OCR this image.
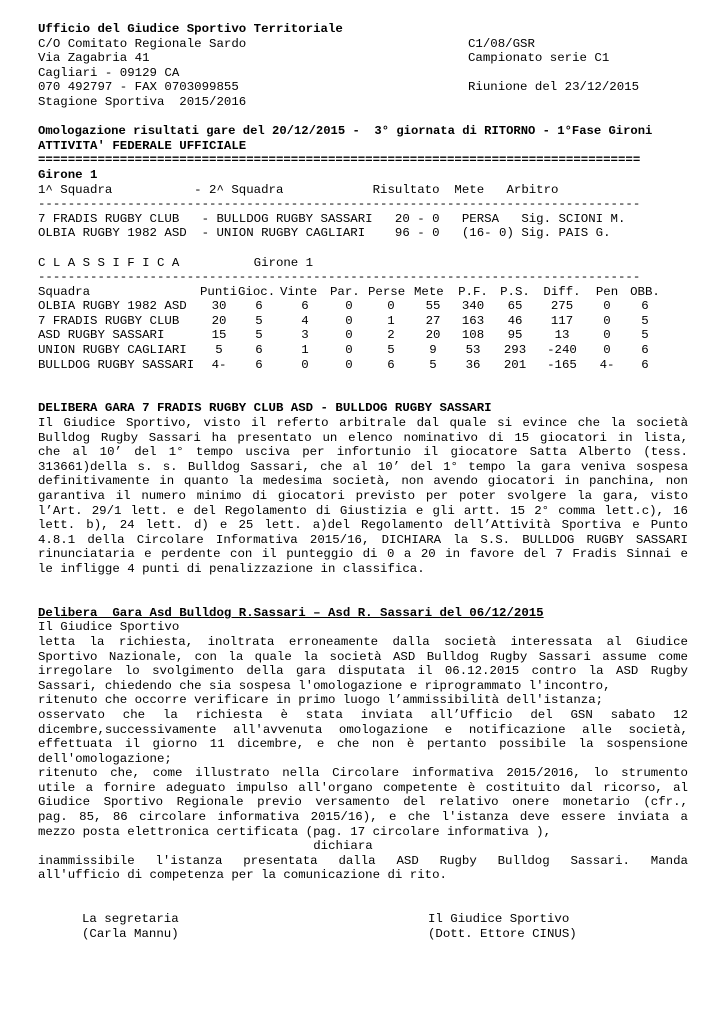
Ufficio del Giudice Sportivo Territoriale
C/O Comitato Regionale Sardo
Via Zagabria 41
Cagliari - 09129 CA
070 492797 - FAX 0703099855
Stagione Sportiva  2015/2016
C1/08/GSR
Campionato serie C1
Riunione del 23/12/2015
Omologazione risultati gare del 20/12/2015 -  3° giornata di RITORNO - 1°Fase Gironi
ATTIVITA' FEDERALE UFFICIALE
=================================================================================
Girone 1
1^ Squadra           - 2^ Squadra            Risultato  Mete   Arbitro
---------------------------------------------------------------------------------
7 FRADIS RUGBY CLUB   - BULLDOG RUGBY SASSARI   20 - 0   PERSA   Sig. SCIONI M.
OLBIA RUGBY 1982 ASD  - UNION RUGBY CAGLIARI    96 - 0   (16- 0) Sig. PAIS G.
C L A S S I F I C A          Girone 1
---------------------------------------------------------------------------------
Squadra	Punti	Gioc.	Vinte	Par.	Perse	Mete	P.F.	P.S.	Diff.	Pen	OBB.
OLBIA RUGBY 1982 ASD	30	6	6	0	0	55	340	65	275	0	6
7 FRADIS RUGBY CLUB	20	5	4	0	1	27	163	46	117	0	5
ASD RUGBY SASSARI	15	5	3	0	2	20	108	95	13	0	5
UNION RUGBY CAGLIARI	5	6	1	0	5	9	53	293	-240	0	6
BULLDOG RUGBY SASSARI	4-	6	0	0	6	5	36	201	-165	4-	6
DELIBERA GARA 7 FRADIS RUGBY CLUB ASD - BULLDOG RUGBY SASSARI
Il Giudice Sportivo, visto il referto arbitrale dal quale si evince che la società
Bulldog Rugby Sassari ha presentato un elenco nominativo di 15 giocatori in lista,
che al 10’ del 1° tempo usciva per infortunio il giocatore Satta Alberto (tess.
313661)della s. s. Bulldog Sassari, che al 10’ del 1° tempo la gara veniva sospesa
definitivamente in quanto la medesima società, non avendo giocatori in panchina, non
garantiva il numero minimo di giocatori previsto per poter svolgere la gara, visto
l’Art. 29/1 lett. e del Regolamento di Giustizia e gli artt. 15 2° comma lett.c), 16
lett. b), 24 lett. d) e 25 lett. a)del Regolamento dell’Attività Sportiva e Punto
4.8.1 della Circolare Informativa 2015/16, DICHIARA la S.S. BULLDOG RUGBY SASSARI
rinunciataria e perdente con il punteggio di 0 a 20 in favore del 7 Fradis Sinnai e
le infligge 4 punti di penalizzazione in classifica.
Delibera  Gara Asd Bulldog R.Sassari – Asd R. Sassari del 06/12/2015
Il Giudice Sportivo
letta la richiesta, inoltrata erroneamente dalla società interessata al Giudice
Sportivo Nazionale, con la quale la società ASD Bulldog Rugby Sassari assume come
irregolare lo svolgimento della gara disputata il 06.12.2015 contro la ASD Rugby
Sassari, chiedendo che sia sospesa l'omologazione e riprogrammato l'incontro,
ritenuto che occorre verificare in primo luogo l’ammissibilità dell'istanza;
osservato che la richiesta è stata inviata all’Ufficio del GSN sabato 12
dicembre,successivamente all'avvenuta omologazione e notificazione alle società,
effettuata il giorno 11 dicembre, e che non è pertanto possibile la sospensione
dell'omologazione;
ritenuto che, come illustrato nella Circolare informativa 2015/2016, lo strumento
utile a fornire adeguato impulso all'organo competente è costituito dal ricorso, al
Giudice Sportivo Regionale previo versamento del relativo onere monetario (cfr.,
pag. 85, 86 circolare informativa 2015/16), e che l'istanza deve essere inviata a
mezzo posta elettronica certificata (pag. 17 circolare informativa ),
dichiara
inammissibile l'istanza presentata dalla ASD Rugby Bulldog Sassari. Manda
all'ufficio di competenza per la comunicazione di rito.
La segretaria
(Carla Mannu)
Il Giudice Sportivo
(Dott. Ettore CINUS)
